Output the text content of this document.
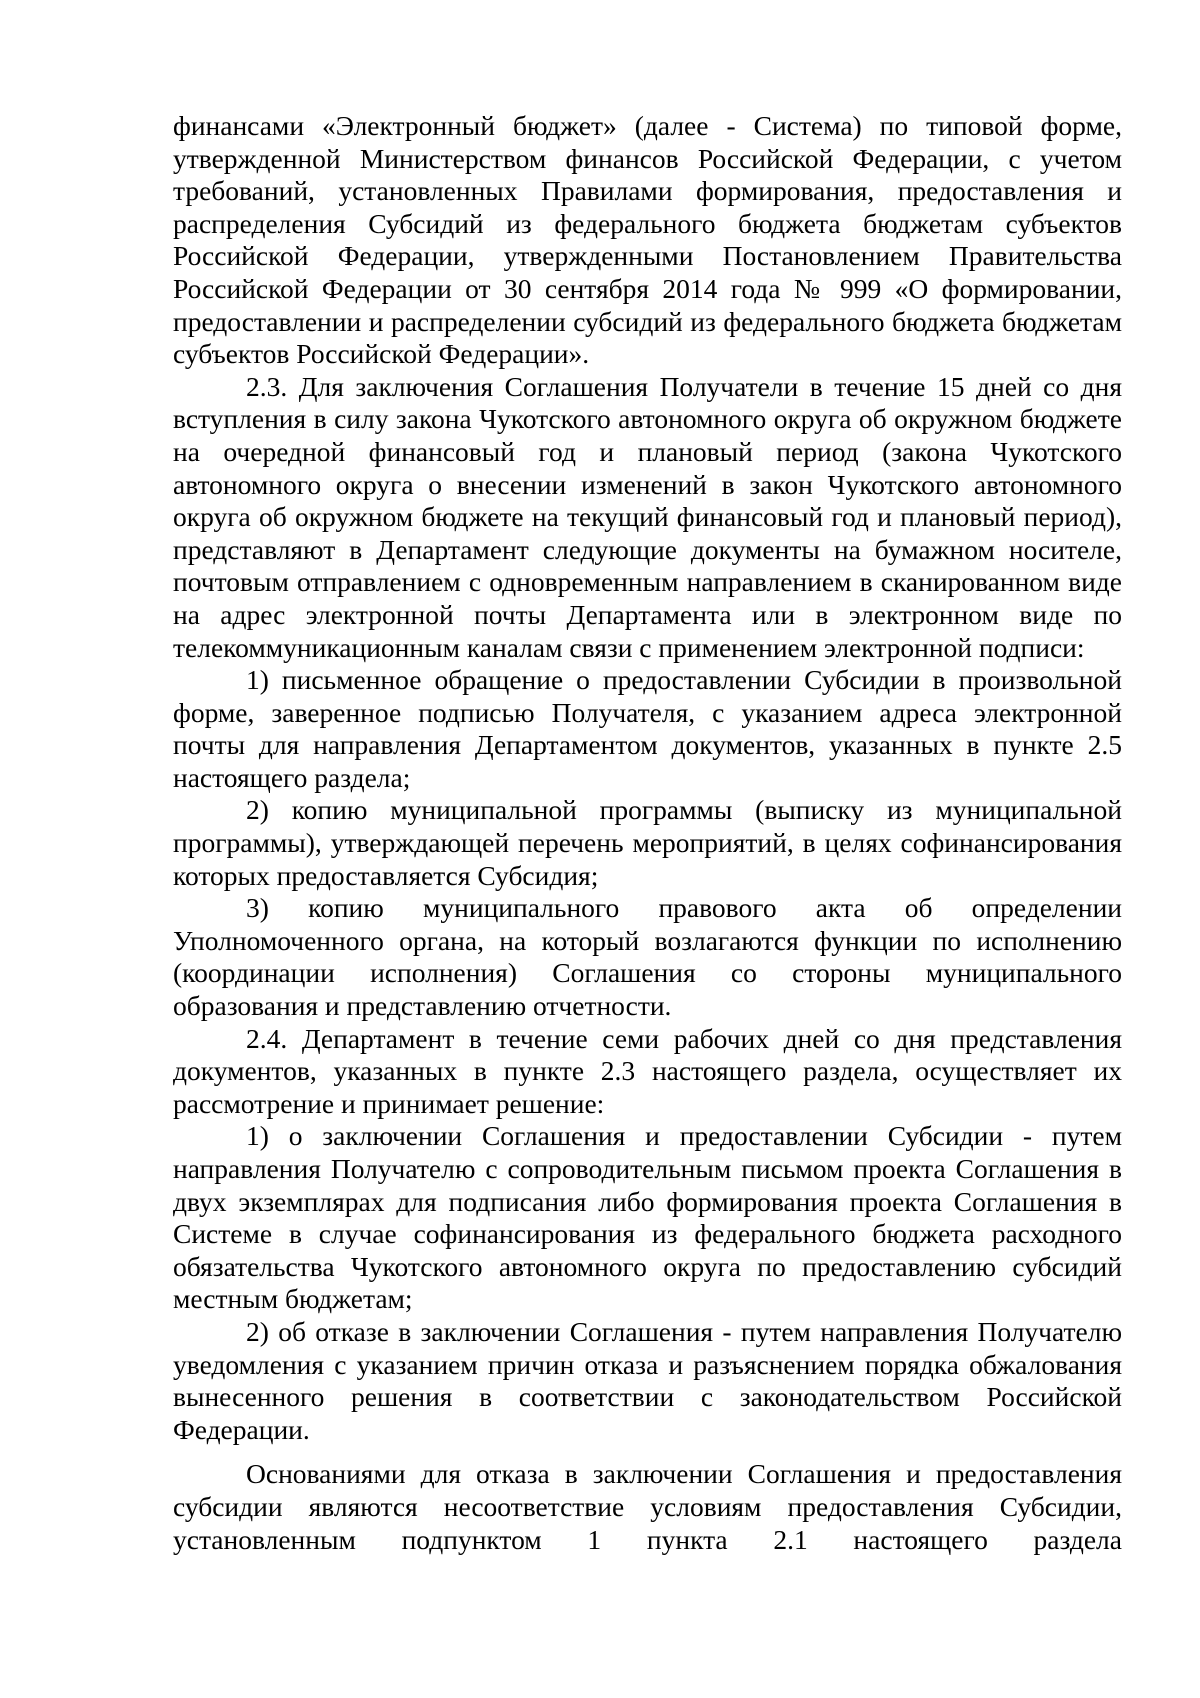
финансами «Электронный бюджет» (далее - Система) по типовой форме, утвержденной Министерством финансов Российской Федерации, с учетом требований, установленных Правилами формирования, предоставления и распределения Субсидий из федерального бюджета бюджетам субъектов Российской Федерации, утвержденными Постановлением Правительства Российской Федерации от 30 сентября 2014 года № 999 «О формировании, предоставлении и распределении субсидий из федерального бюджета бюджетам субъектов Российской Федерации».

2.3. Для заключения Соглашения Получатели в течение 15 дней со дня вступления в силу закона Чукотского автономного округа об окружном бюджете на очередной финансовый год и плановый период (закона Чукотского автономного округа о внесении изменений в закон Чукотского автономного округа об окружном бюджете на текущий финансовый год и плановый период), представляют в Департамент следующие документы на бумажном носителе, почтовым отправлением с одновременным направлением в сканированном виде на адрес электронной почты Департамента или в электронном виде по телекоммуникационным каналам связи с применением электронной подписи:

1) письменное обращение о предоставлении Субсидии в произвольной форме, заверенное подписью Получателя, с указанием адреса электронной почты для направления Департаментом документов, указанных в пункте 2.5 настоящего раздела;

2) копию муниципальной программы (выписку из муниципальной программы), утверждающей перечень мероприятий, в целях софинансирования которых предоставляется Субсидия;

3) копию муниципального правового акта об определении Уполномоченного органа, на который возлагаются функции по исполнению (координации исполнения) Соглашения со стороны муниципального образования и представлению отчетности.

2.4. Департамент в течение семи рабочих дней со дня представления документов, указанных в пункте 2.3 настоящего раздела, осуществляет их рассмотрение и принимает решение:

1) о заключении Соглашения и предоставлении Субсидии - путем направления Получателю с сопроводительным письмом проекта Соглашения в двух экземплярах для подписания либо формирования проекта Соглашения в Системе в случае софинансирования из федерального бюджета расходного обязательства Чукотского автономного округа по предоставлению субсидий местным бюджетам;

2) об отказе в заключении Соглашения - путем направления Получателю уведомления с указанием причин отказа и разъяснением порядка обжалования вынесенного решения в соответствии с законодательством Российской Федерации.

Основаниями для отказа в заключении Соглашения и предоставления субсидии являются несоответствие условиям предоставления Субсидии, установленным подпунктом 1 пункта 2.1 настоящего раздела
